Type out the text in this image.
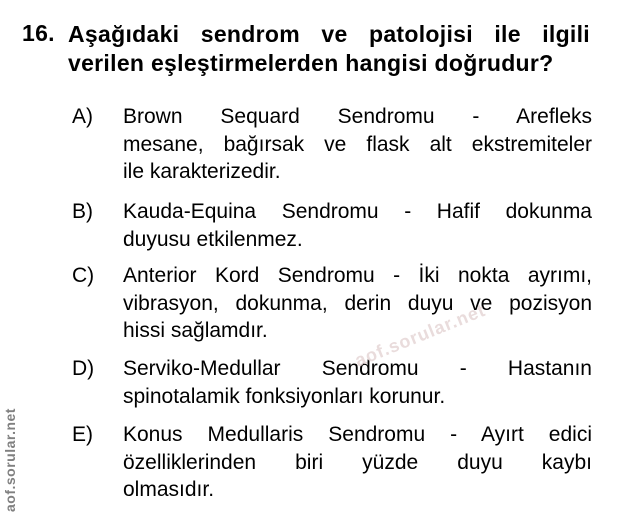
16. Aşağıdaki sendrom ve patolojisi ile ilgili
verilen eşleştirmelerden hangisi doğrudur?
A) Brown Sequard Sendromu - Arefleks
mesane, bağırsak ve flask alt ekstremiteler
ile karakterizedir.
B) Kauda-Equina Sendromu - Hafif dokunma
duyusu etkilenmez.
C) Anterior Kord Sendromu - İki nokta ayrımı,
vibrasyon, dokunma, derin duyu ve pozisyon
hissi sağlamdır.
D) Serviko-Medullar Sendromu - Hastanın
spinotalamik fonksiyonları korunur.
E) Konus Medullaris Sendromu - Ayırt edici
özelliklerinden biri yüzde duyu kaybı
olmasıdır.
aof.sorular.net
aof.sorular.net
